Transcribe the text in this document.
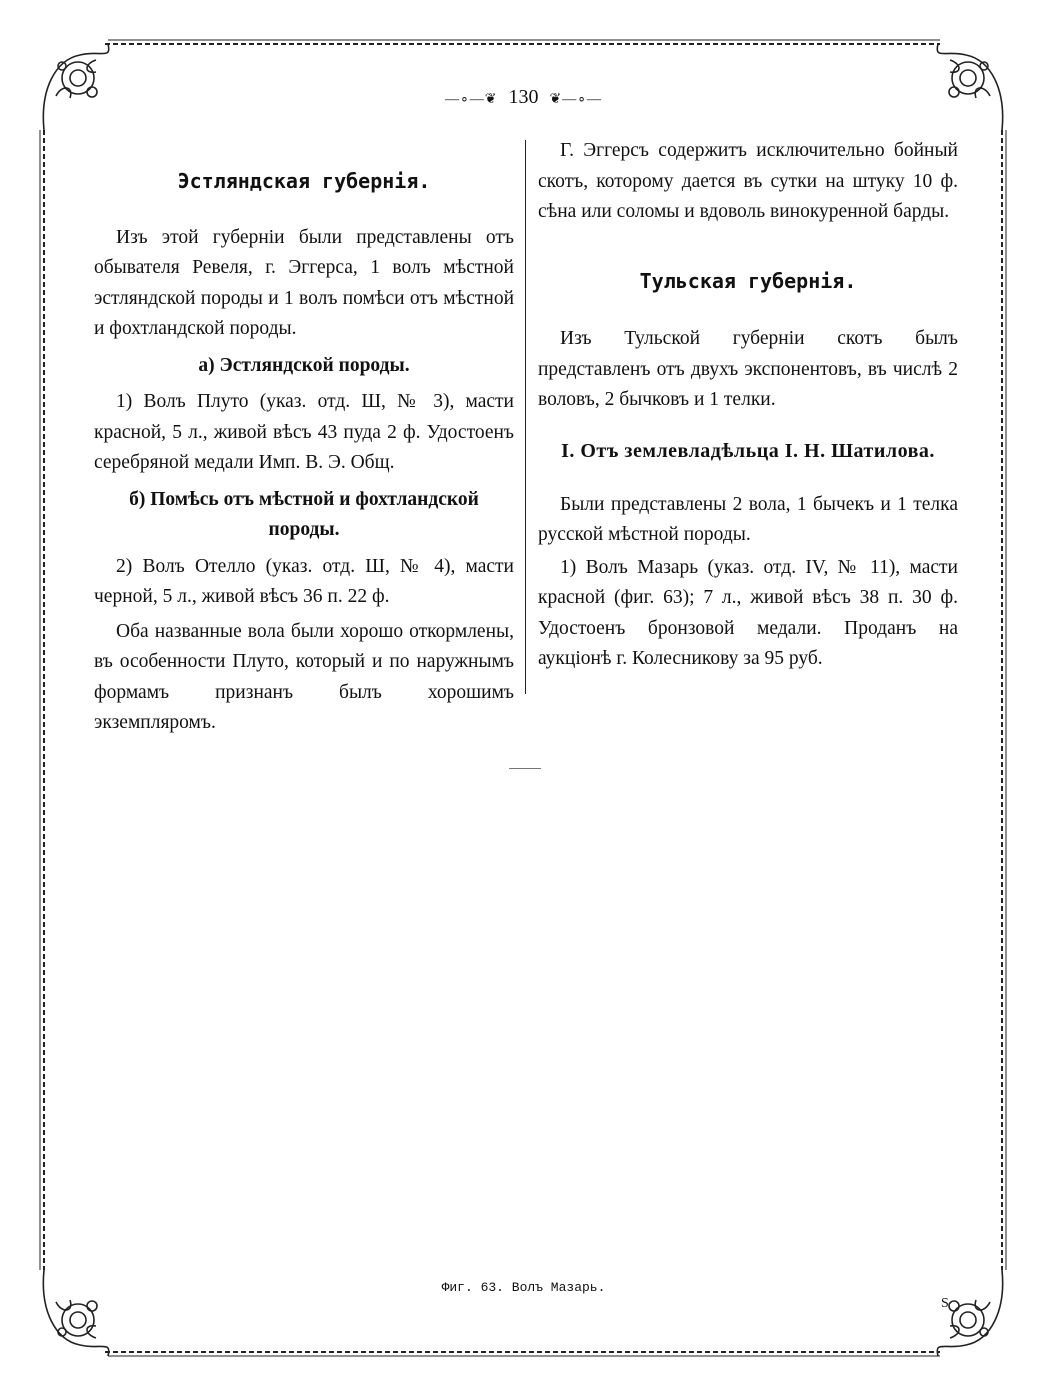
—∘—❦ 130 ❦—∘—
Эстляндская губернія.

Изъ этой губерніи были представлены отъ обывателя Ревеля, г. Эггерса, 1 волъ мѣстной эстляндской породы и 1 волъ помѣси отъ мѣстной и фохтландской породы.

а) Эстляндской породы.

1) Волъ Плуто (указ. отд. Ш, № 3), масти красной, 5 л., живой вѣсъ 43 пуда 2 ф. Удостоенъ серебряной медали Имп. В. Э. Общ.

б) Помѣсь отъ мѣстной и фохтландской породы.

2) Волъ Отелло (указ. отд. Ш, № 4), масти черной, 5 л., живой вѣсъ 36 п. 22 ф.

Оба названные вола были хорошо откормлены, въ особенности Плуто, который и по наружнымъ формамъ признанъ былъ хорошимъ экземпляромъ.

Г. Эггерсъ содержитъ исключительно бойный скотъ, которому дается въ сутки на штуку 10 ф. сѣна или соломы и вдоволь винокуренной барды.

Тульская губернія.

Изъ Тульской губерніи скотъ былъ представленъ отъ двухъ экспонентовъ, въ числѣ 2 воловъ, 2 бычковъ и 1 телки.

I. Отъ землевладѣльца I. Н. Шатилова.

Были представлены 2 вола, 1 бычекъ и 1 телка русской мѣстной породы.

1) Волъ Мазарь (указ. отд. IV, № 11), масти красной (фиг. 63); 7 л., живой вѣсъ 38 п. 30 ф. Удостоенъ бронзовой медали. Проданъ на аукціонѣ г. Колесникову за 95 руб.

Фиг. 63. Волъ Мазарь.
S
